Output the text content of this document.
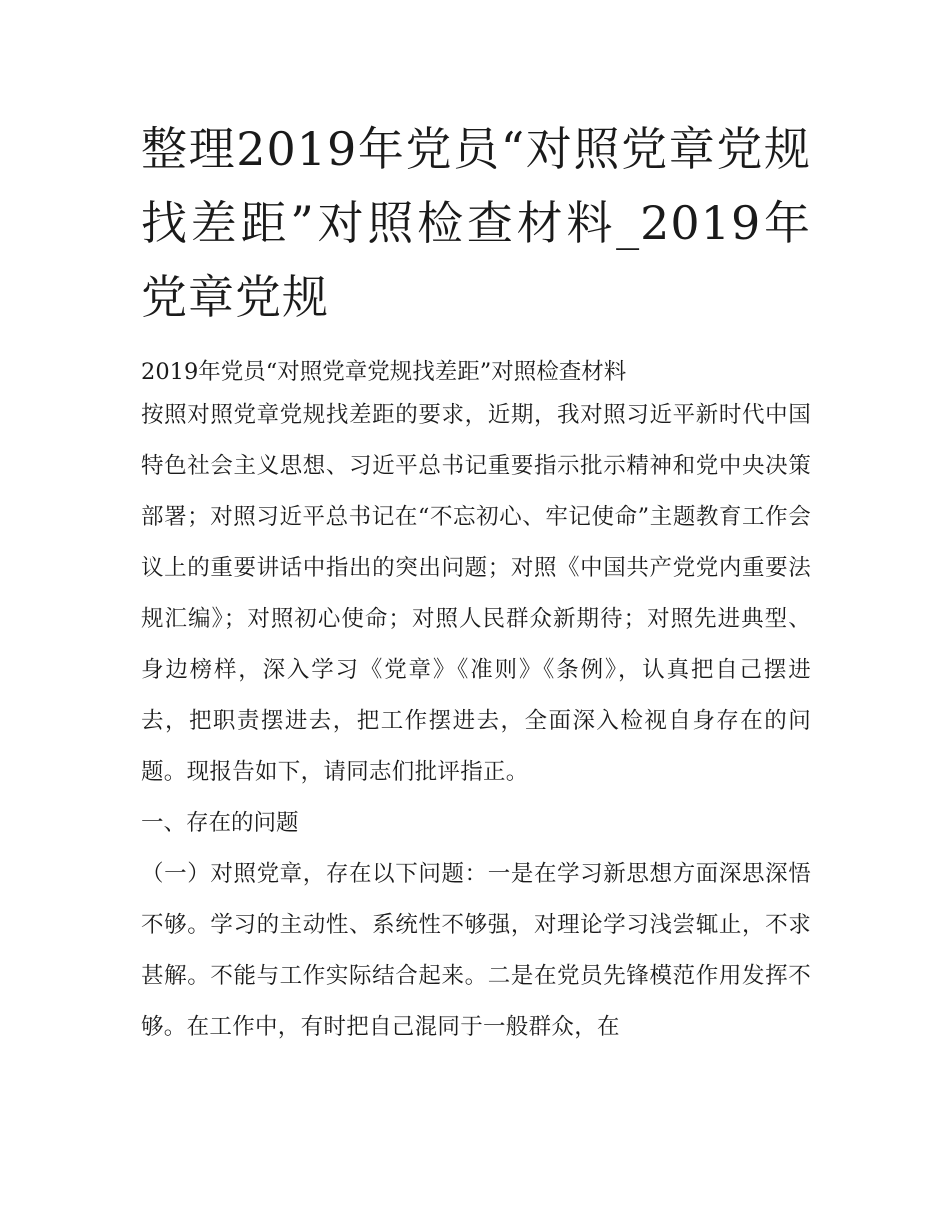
整理2019年党员“对照党章党规找差距”对照检查材料_2019年党章党规

2019年党员“对照党章党规找差距”对照检查材料

按照对照党章党规找差距的要求，近期，我对照习近平新时代中国特色社会主义思想、习近平总书记重要指示批示精神和党中央决策部署；对照习近平总书记在“不忘初心、牢记使命”主题教育工作会议上的重要讲话中指出的突出问题；对照《中国共产党党内重要法规汇编》；对照初心使命；对照人民群众新期待；对照先进典型、身边榜样，深入学习《党章》《准则》《条例》，认真把自己摆进去，把职责摆进去，把工作摆进去，全面深入检视自身存在的问题。现报告如下，请同志们批评指正。

一、存在的问题

（一）对照党章，存在以下问题：一是在学习新思想方面深思深悟不够。学习的主动性、系统性不够强，对理论学习浅尝辄止，不求甚解。不能与工作实际结合起来。二是在党员先锋模范作用发挥不够。在工作中，有时把自己混同于一般群众，在
